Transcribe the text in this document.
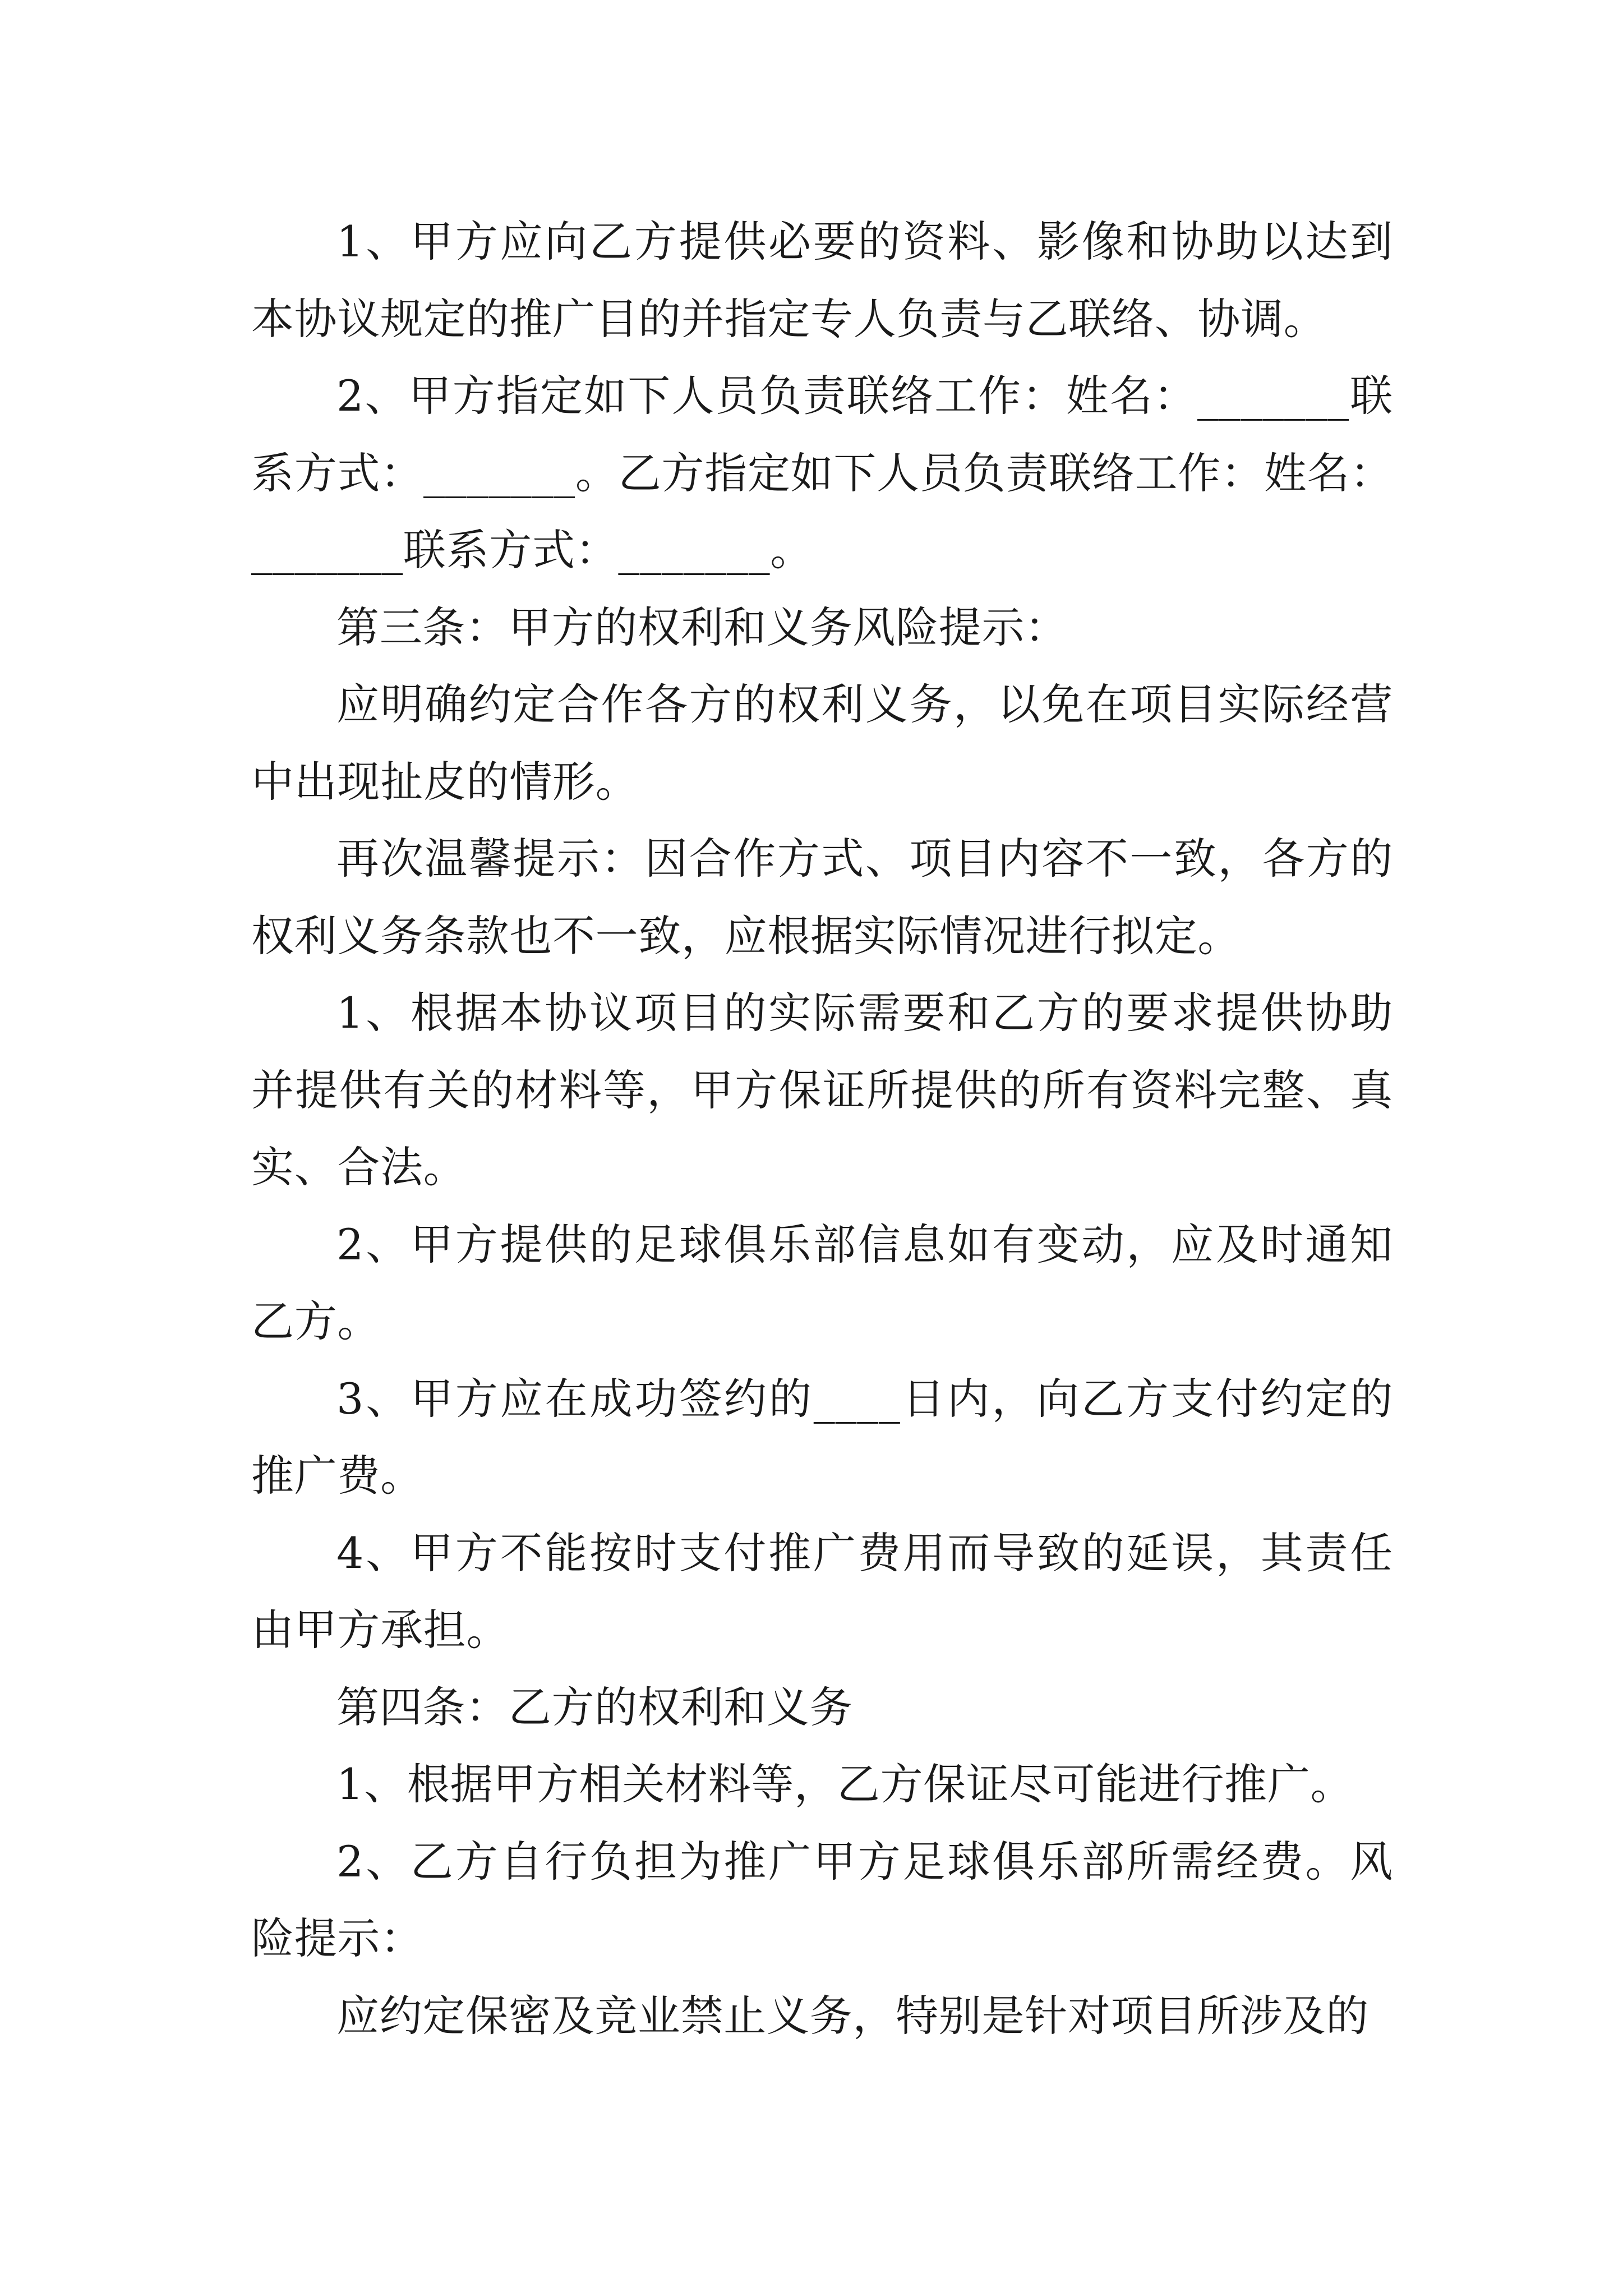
1、甲方应向乙方提供必要的资料、影像和协助以达到本协议规定的推广目的并指定专人负责与乙联络、协调。

2、甲方指定如下人员负责联络工作：姓名：_______联系方式：_______。乙方指定如下人员负责联络工作：姓名：_______联系方式：_______。

第三条：甲方的权利和义务风险提示：

应明确约定合作各方的权利义务，以免在项目实际经营中出现扯皮的情形。

再次温馨提示：因合作方式、项目内容不一致，各方的权利义务条款也不一致，应根据实际情况进行拟定。

1、根据本协议项目的实际需要和乙方的要求提供协助并提供有关的材料等，甲方保证所提供的所有资料完整、真实、合法。

2、甲方提供的足球俱乐部信息如有变动，应及时通知乙方。

3、甲方应在成功签约的____日内，向乙方支付约定的推广费。

4、甲方不能按时支付推广费用而导致的延误，其责任由甲方承担。

第四条：乙方的权利和义务

1、根据甲方相关材料等，乙方保证尽可能进行推广。

2、乙方自行负担为推广甲方足球俱乐部所需经费。风险提示：

应约定保密及竞业禁止义务，特别是针对项目所涉及的
